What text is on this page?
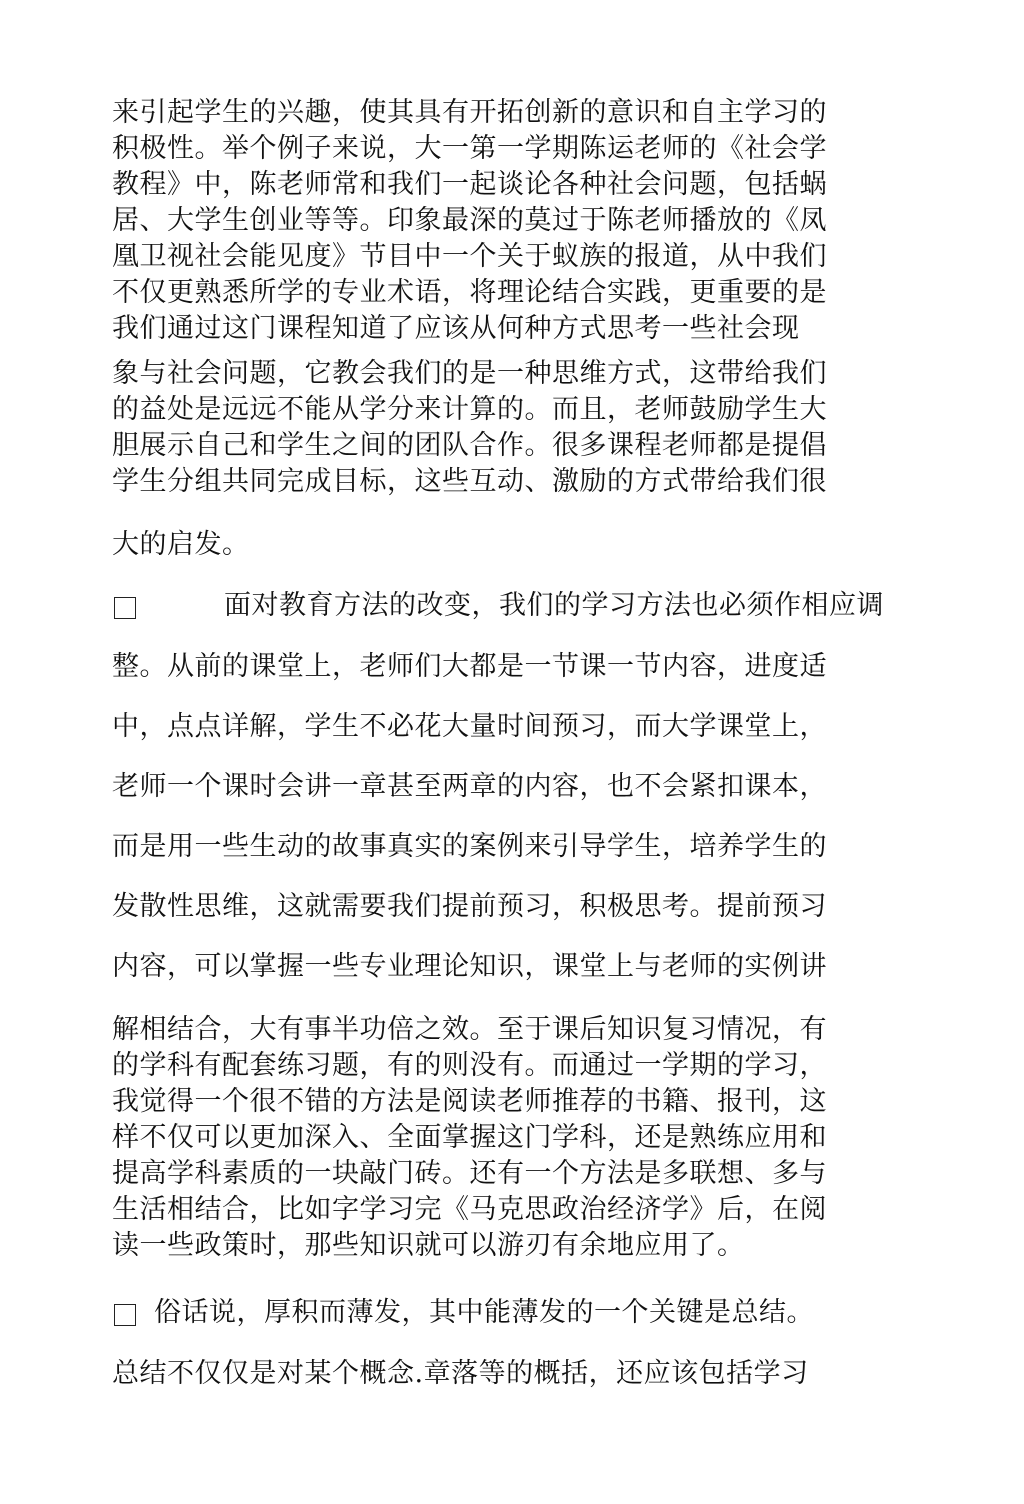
来引起学生的兴趣，使其具有开拓创新的意识和自主学习的
积极性。举个例子来说，大一第一学期陈运老师的《社会学
教程》中，陈老师常和我们一起谈论各种社会问题，包括蜗
居、大学生创业等等。印象最深的莫过于陈老师播放的《凤
凰卫视社会能见度》节目中一个关于蚁族的报道，从中我们
不仅更熟悉所学的专业术语，将理论结合实践，更重要的是
我们通过这门课程知道了应该从何种方式思考一些社会现
象与社会问题，它教会我们的是一种思维方式，这带给我们
的益处是远远不能从学分来计算的。而且，老师鼓励学生大
胆展示自己和学生之间的团队合作。很多课程老师都是提倡
学生分组共同完成目标，这些互动、激励的方式带给我们很
大的启发。
面对教育方法的改变，我们的学习方法也必须作相应调
整。从前的课堂上，老师们大都是一节课一节内容，进度适
中，点点详解，学生不必花大量时间预习，而大学课堂上，
老师一个课时会讲一章甚至两章的内容，也不会紧扣课本，
而是用一些生动的故事真实的案例来引导学生，培养学生的
发散性思维，这就需要我们提前预习，积极思考。提前预习
内容，可以掌握一些专业理论知识，课堂上与老师的实例讲
解相结合，大有事半功倍之效。至于课后知识复习情况，有
的学科有配套练习题，有的则没有。而通过一学期的学习，
我觉得一个很不错的方法是阅读老师推荐的书籍、报刊，这
样不仅可以更加深入、全面掌握这门学科，还是熟练应用和
提高学科素质的一块敲门砖。还有一个方法是多联想、多与
生活相结合，比如字学习完《马克思政治经济学》后，在阅
读一些政策时，那些知识就可以游刃有余地应用了。
俗话说，厚积而薄发，其中能薄发的一个关键是总结。
总结不仅仅是对某个概念.章落等的概括，还应该包括学习
